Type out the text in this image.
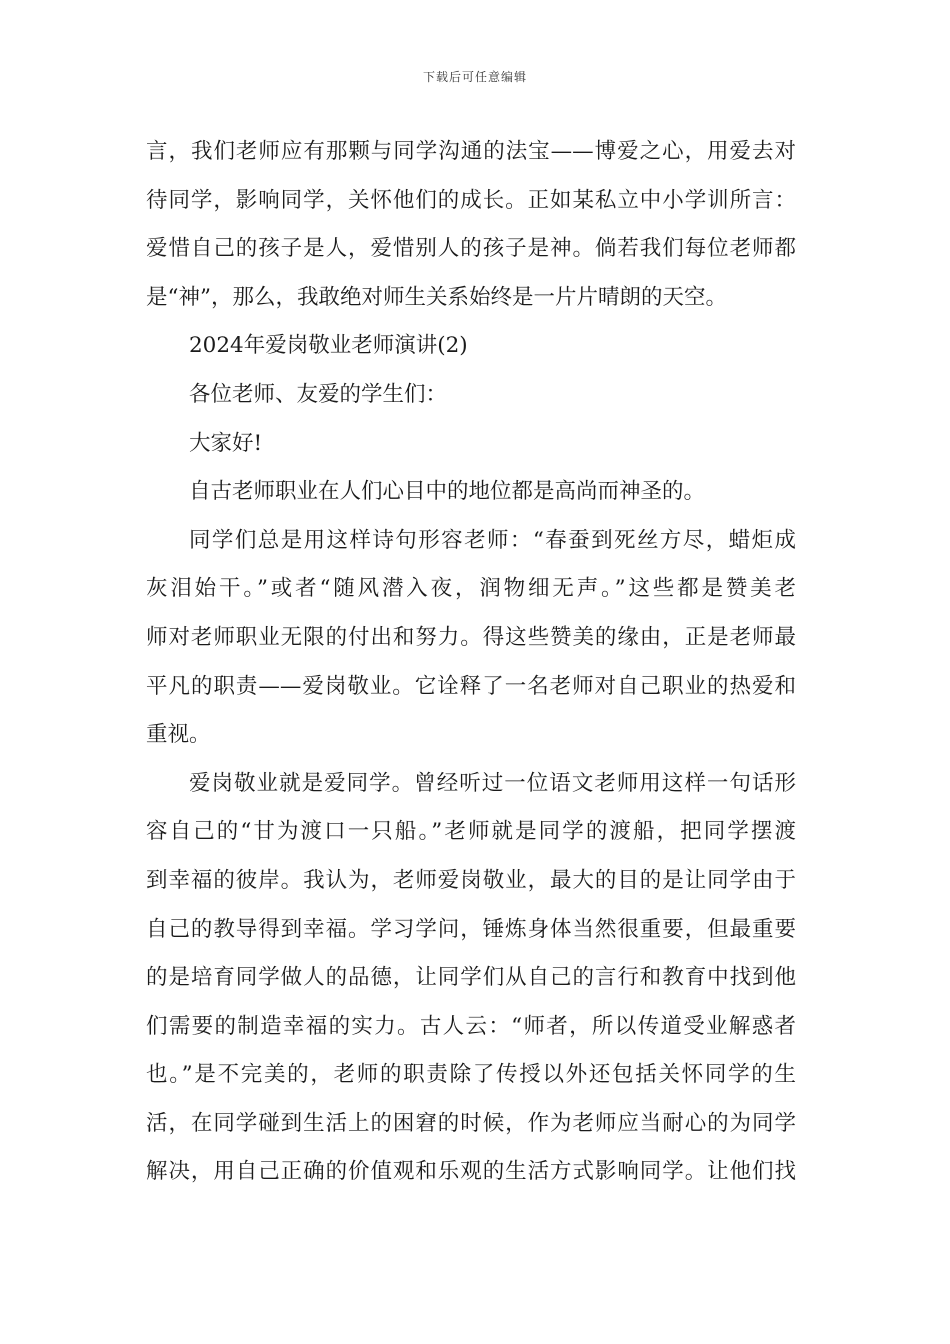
下载后可任意编辑
言，我们老师应有那颗与同学沟通的法宝——博爱之心，用爱去对
待同学，影响同学，关怀他们的成长。正如某私立中小学训所言：
爱惜自己的孩子是人，爱惜别人的孩子是神。倘若我们每位老师都
是“神”，那么，我敢绝对师生关系始终是一片片晴朗的天空。
2024年爱岗敬业老师演讲(2)
各位老师、友爱的学生们：
大家好!
自古老师职业在人们心目中的地位都是高尚而神圣的。
同学们总是用这样诗句形容老师：“春蚕到死丝方尽，蜡炬成
灰泪始干。”或者“随风潜入夜，润物细无声。”这些都是赞美老
师对老师职业无限的付出和努力。得这些赞美的缘由，正是老师最
平凡的职责——爱岗敬业。它诠释了一名老师对自己职业的热爱和
重视。
爱岗敬业就是爱同学。曾经听过一位语文老师用这样一句话形
容自己的“甘为渡口一只船。”老师就是同学的渡船，把同学摆渡
到幸福的彼岸。我认为，老师爱岗敬业，最大的目的是让同学由于
自己的教导得到幸福。学习学问，锤炼身体当然很重要，但最重要
的是培育同学做人的品德，让同学们从自己的言行和教育中找到他
们需要的制造幸福的实力。古人云：“师者，所以传道受业解惑者
也。”是不完美的，老师的职责除了传授以外还包括关怀同学的生
活，在同学碰到生活上的困窘的时候，作为老师应当耐心的为同学
解决，用自己正确的价值观和乐观的生活方式影响同学。让他们找
